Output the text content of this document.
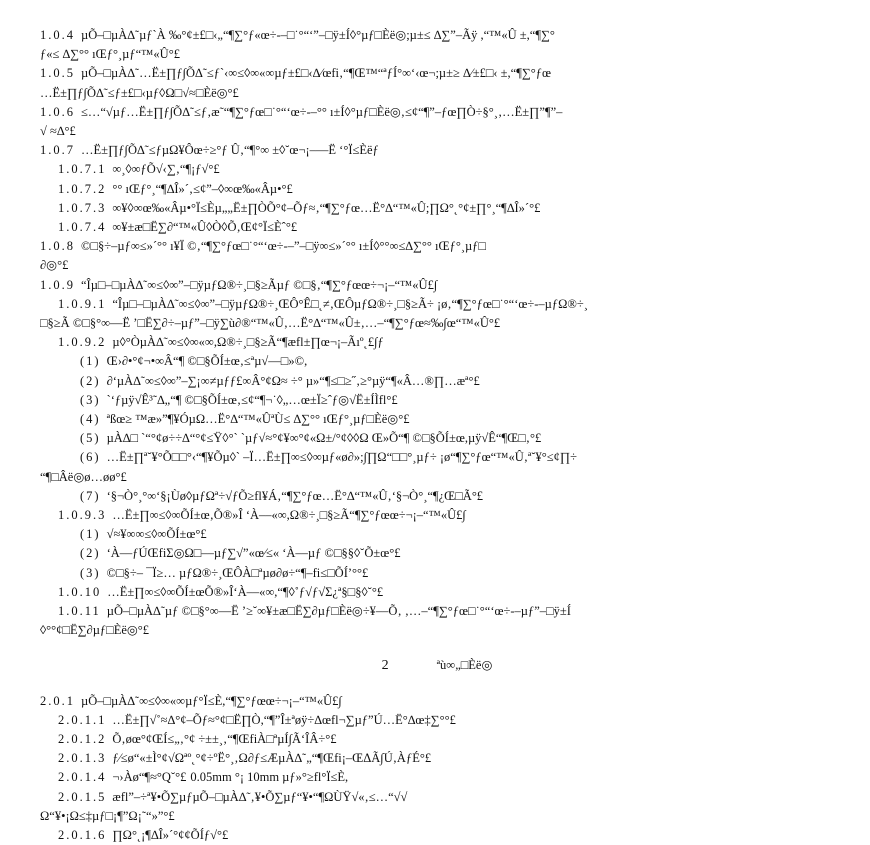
1.0.4 µÕ–□µÀ∆˜µƒ`À ‰°¢±£□‹„“¶∑°ƒ«œ÷-–□˙°“‘”–□ÿ±Í◊°µƒ□Èë◎;µ±≤ ∆∑”–Ãÿ ,“™«Û ±,“¶∑°
ƒ«≤ ∆∑°° ıŒƒ°¸µƒ“™«Û°£
1.0.5 µÕ–□µÀ∆˜…Ë±∏ƒ∫Õ∆˜≤ƒ`‹∞≤◊∞«∞µƒ±£□‹∆⁄œfi‚“¶Œ™“ªƒÍ°∞‘‹œ¬;µ±≥ ∆⁄±£□‹ ±,“¶∑°ƒœ
…Ë±∏ƒ∫Õ∆˜≤ƒ±£□‹µƒ◊Ω□√≈□Èë◎°£
1.0.6 ≤…“√µƒ…Ë±∏ƒ∫Õ∆˜≤ƒ‚æ˜“¶∑°ƒœ□˙°“‘œ÷-–°° ı±Í◊°µƒ□Èë◎‚≤¢“¶”–ƒœ∏Ò÷§°¸‚…Ë±∏”¶”–
√ ≈∆°£
1.0.7 …Ë±∏ƒ∫Õ∆˜≤ƒµΩ¥Ôœ÷≥°ƒ Û‚“¶°∞ ±◊˘œ¬¡–—Ë ‘°Ï≤Èëƒ
1.0.7.1 ∞¸◊∞ƒÕ√‹∑‚“¶¡ƒ√°£
1.0.7.2 °° ıŒƒ°¸“¶∆Î»´‚≤¢”–◊∞œ‰«Âµ•°£
1.0.7.3 ∞¥◊∞œ‰«Âµ•°Ï≤Èµ„„Ë±∏ÒÕ°¢–Õƒ≈‚“¶∑°ƒœ…Ë°∆“™«Û;∏Ω°˛°¢±∏°¸“¶∆Î»´°£
1.0.7.4 ∞¥±æ□Ë∑∂“™«Û◊Ò◊Õ‚Œ¢°Ï≤Èˆ°£
1.0.8 ©□§÷–µƒ∞≤»´°° ı¥Ï ©‚“¶∑°ƒœ□˙°“‘œ÷-–”–□ÿ∞≤»´°° ı±Í◊°°∞≤∆∑°° ıŒƒ°¸µƒ□
∂◎°£
1.0.9 “Îµ□–□µÀ∆˜∞≤◊∞”–□ÿµƒΩ®÷¸□§≥Ãµƒ ©□§‚“¶∑°ƒœœ÷¬¡–“™«Û£∫
1.0.9.1 “Îµ□–□µÀ∆˜∞≤◊∞”–□ÿµƒΩ®÷¸ŒÔ°Ê□˛≠‚ŒÔµƒΩ®÷¸□§≥Ã÷ ¡ø‚“¶∑°ƒœ□˙°“‘œ÷-–µƒΩ®÷¸
□§≥Ã ©□§°∞—Ë ’□Ë∑∂÷–µƒ”–□ÿ∑ù∂®“™«Û‚…Ë°∆“™«Û±‚…–“¶∑°ƒœ≈‰∫œ“™«Û°£
1.0.9.2 µ◊°ÒµÀ∆˜∞≤◊∞«∞,Ω®÷¸□§≥Ã“¶æfl±∏œ¬¡–Ãıº˛£∫ƒ
(1) Œ›∂•°¢¬•∞Â“¶ ©□§ÕÍ±œ‚≤ªµ√—□»©,
(2) ∂‘µÀ∆˜∞≤◊∞”–∑¡∞≠µƒƒ£∞Â°¢Ω≈ ÷° µ»“¶≤□≥˝‚≥°µÿ“¶«Â…®∏…æª°£
(3) `‘ƒµÿ√Ê³˜∆„“¶ ©□§ÕÍ±œ‚≤¢“¶¬˙◊„…œ±Ï≥ˆƒ◎√Ë±ÍÌfl°£
(4) ªßœ≥ ™æ»”¶¥ÓµΩ…Ë°∆“™«ÛªÙ≤ ∆∑°° ıŒƒ°¸µƒ□Èë◎°£
(5) µÀ∆□ `“°¢ø÷÷∆“°¢≤Ÿ◊°` `µƒ√≈°¢¥∞°¢«Ω±/°¢◊◊Ω Œ»Õ“¶ ©□§ÕÍ±œ,µÿ√Ê“¶Œ□‚°£
(6) …Ë±∏ª˘¥°Õ□□°‹“¶¥Õµ◊` –Ï…Ë±∏∞≤◊∞µƒ«ø∂»;∫∏Ω“□□°¸µƒ÷ ¡ø“¶∑°ƒœ“™«Û‚ª˘¥°≤¢∏÷
“¶□Âë◎ø…øø°£
(7) ‘§¬Ò°¸°∞‘§¡Ùø◊µƒΩª÷√ƒÕ≥fl¥Á‚“¶∑°ƒœ…Ë°∆“™«Û‚‘§¬Ò°¸“¶¿Œ□Ã°£
1.0.9.3 …Ë±∏∞≤◊∞ÕÍ±œ‚Õ®»Î ‘À––«∞,Ω®÷¸□§≥Ã“¶∑°ƒœœ÷¬¡–“™«Û£∫
(1) √≈¥∞∞≤◊∞ÕÍ±œ°£
(2) ‘À––ƒÚŒfiΣ◎Ω□––µƒ∑√”«œ⁄≤« ‘À––µƒ ©□§§◊˘Õ±œ°£
(3) ©□§÷– ¯Ï≥… µƒΩ®÷¸ŒÔÀ□ªµø∂ø÷“¶–fi≤□ÕÍ’°°£
1.0.10 …Ë±∏∞≤◊∞ÕÍ±œÕ®»Î‘À––«∞,“¶◊˚ƒ√ƒ√Σ¿ª§□§◊˘°£
1.0.11 µÕ–□µÀ∆˜µƒ ©□§°∞—Ë ’≥˘∞¥±æ□Ë∑∂µƒ□Èë◎÷¥––Õ‚ ‚…–“¶∑°ƒœ□˙°“‘œ÷-–µƒ”–□ÿ±Í
◊°°¢□Ë∑∂µƒ□Èë◎°£
2	ªù∞„□Èë◎
2.0.1 µÕ–□µÀ∆˜∞≤◊∞«∞µƒ°Ï≤È,“¶∑°ƒœœ÷¬¡–“™«Û£∫
2.0.1.1 …Ë±∏√˚≈∆°¢–Õƒ≈°¢□Ë∏Ò,“¶”Î±ªøÿ÷∆œfl¬∑µƒ”Ú…Ë°∆œ‡∑°°£
2.0.1.2 Õ‚øœ°¢ŒÍ≤„‚°¢ ÷±±¸‚“¶ŒfiÀ□ªµÍ∫Ã‘ÎÂ÷°£
2.0.1.3 ƒ⁄≤ø“«±Ì°¢√Ωªº˛°¢÷ºË°¸‚Ω∂ƒ≤ÆµÀ∆˜„“¶Œfi¡–ŒΔÃ∫Ú‚ÀƒÉ°£
2.0.1.4 ¬›Àø“¶≈°Q˘°£ 0.05mm °¡ 10mm µƒ»°≥fl°Ï≤È,
2.0.1.5 æfl”–÷ª¥•Õ∑µƒµÕ–□µÀ∆˜‚¥•Õ∑µƒ“¥•“¶ΩÙŸ√«‚≤…“√√
Ω“¥•¡Ω≤‡µƒ□¡¶”Ω¡˜“»”°£
2.0.1.6 ∏Ω°˛¡¶∆Î»´°¢¢ÕÍƒ√°£
